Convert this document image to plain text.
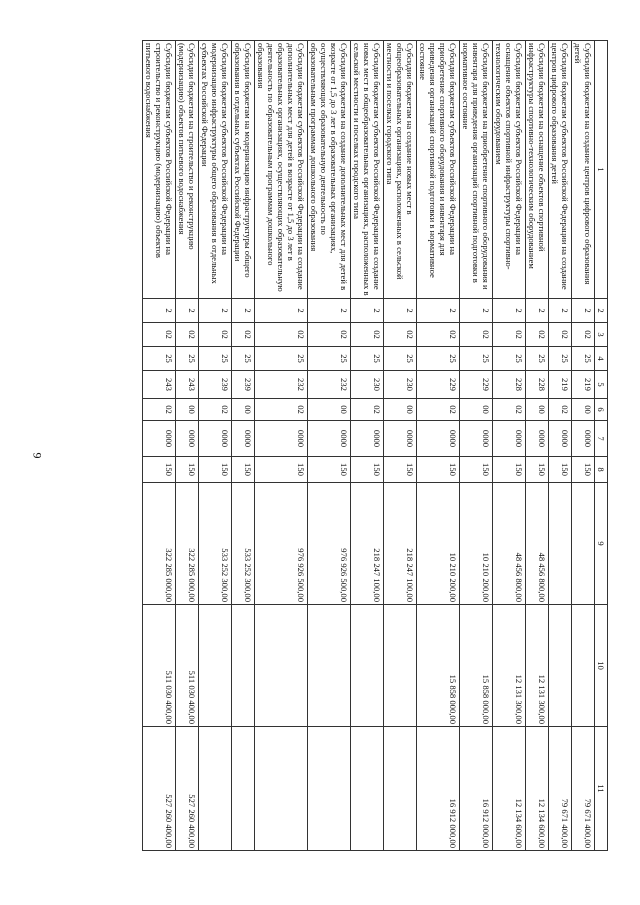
9
1	2	3	4	5	6	7	8	9	10	11
Субсидии бюджетам на создание центров цифрового образования детей	2	02	25	219	00	0000	150			79 671 400,00
Субсидии бюджетам субъектов Российской Федерации на создание центров цифрового образования детей	2	02	25	219	02	0000	150			79 671 400,00
Субсидии бюджетам на оснащение объектов спортивной инфраструктуры спортивно-технологическим оборудованием	2	02	25	228	00	0000	150	48 456 800,00	12 131 300,00	12 134 600,00
Субсидии бюджетам субъектов Российской Федерации на оснащение объектов спортивной инфраструктуры спортивно-технологическим оборудованием	2	02	25	228	02	0000	150	48 456 800,00	12 131 300,00	12 134 600,00
Субсидии бюджетам на приобретение спортивного оборудования и инвентаря для приведения организаций спортивной подготовки в нормативное состояние	2	02	25	229	00	0000	150	10 210 200,00	15 858 000,00	16 912 000,00
Субсидии бюджетам субъектов Российской Федерации на приобретение спортивного оборудования и инвентаря для приведения организаций спортивной подготовки в нормативное состояние	2	02	25	229	02	0000	150	10 210 200,00	15 858 000,00	16 912 000,00
Субсидии бюджетам на создание новых мест в общеобразовательных организациях, расположенных в сельской местности и поселках городского типа	2	02	25	230	00	0000	150	218 247 100,00		
Субсидии бюджетам субъектов Российской Федерации на создание новых мест в общеобразовательных организациях, расположенных в сельской местности и поселках городского типа	2	02	25	230	02	0000	150	218 247 100,00		
Субсидии бюджетам на создание дополнительных мест для детей в возрасте от 1,5 до 3 лет в образовательных организациях, осуществляющих образовательную деятельность по образовательным программам дошкольного образования	2	02	25	232	00	0000	150	976 926 500,00		
Субсидии бюджетам субъектов Российской Федерации на создание дополнительных мест для детей в возрасте от 1,5 до 3 лет в образовательных организациях, осуществляющих образовательную деятельность по образовательным программам дошкольного образования	2	02	25	232	02	0000	150	976 926 500,00		
Субсидии бюджетам на модернизацию инфраструктуры общего образования в отдельных субъектах Российской Федерации	2	02	25	239	00	0000	150	533 252 300,00		
Субсидии бюджетам субъектов Российской Федерации на модернизацию инфраструктуры общего образования в отдельных субъектах Российской Федерации	2	02	25	239	02	0000	150	533 252 300,00		
Субсидии бюджетам на строительство и реконструкцию (модернизацию) объектов питьевого водоснабжения	2	02	25	243	00	0000	150	322 285 000,00	511 030 400,00	527 260 400,00
Субсидии бюджетам субъектов Российской Федерации на строительство и реконструкцию (модернизацию) объектов питьевого водоснабжения	2	02	25	243	02	0000	150	322 285 000,00	511 030 400,00	527 260 400,00
